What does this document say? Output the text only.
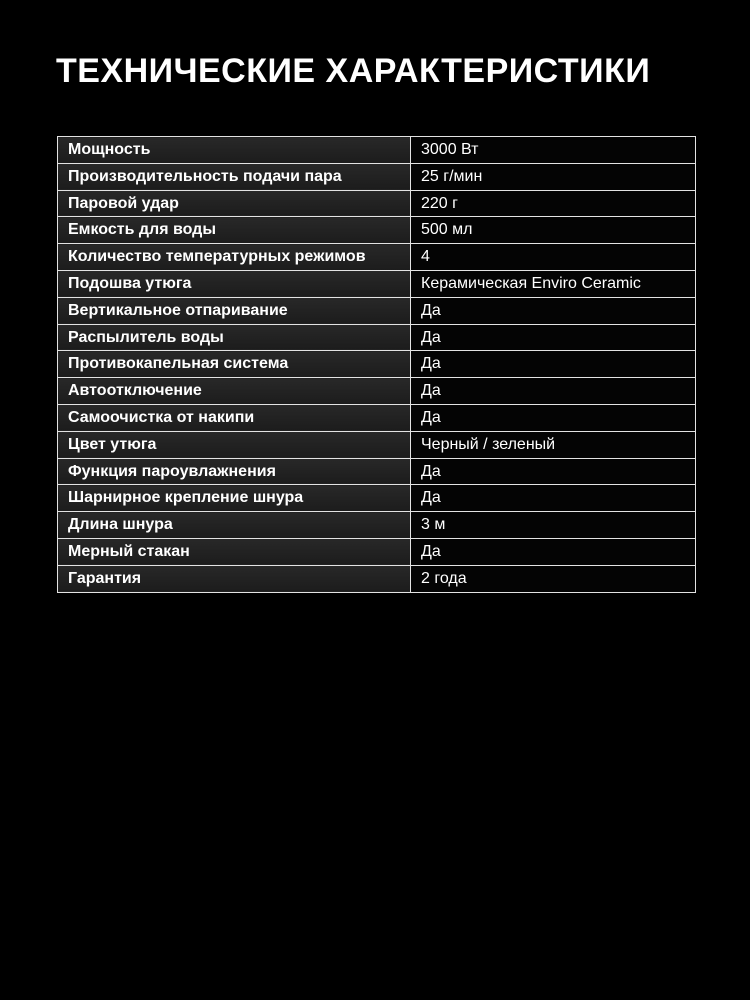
ТЕХНИЧЕСКИЕ ХАРАКТЕРИСТИКИ
Мощность	3000 Вт
Производительность подачи пара	25 г/мин
Паровой удар	220 г
Емкость для воды	500 мл
Количество температурных режимов	4
Подошва утюга	Керамическая Enviro Ceramic
Вертикальное отпаривание	Да
Распылитель воды	Да
Противокапельная система	Да
Автоотключение	Да
Самоочистка от накипи	Да
Цвет утюга	Черный / зеленый
Функция пароувлажнения	Да
Шарнирное крепление шнура	Да
Длина шнура	3 м
Мерный стакан	Да
Гарантия	2 года
